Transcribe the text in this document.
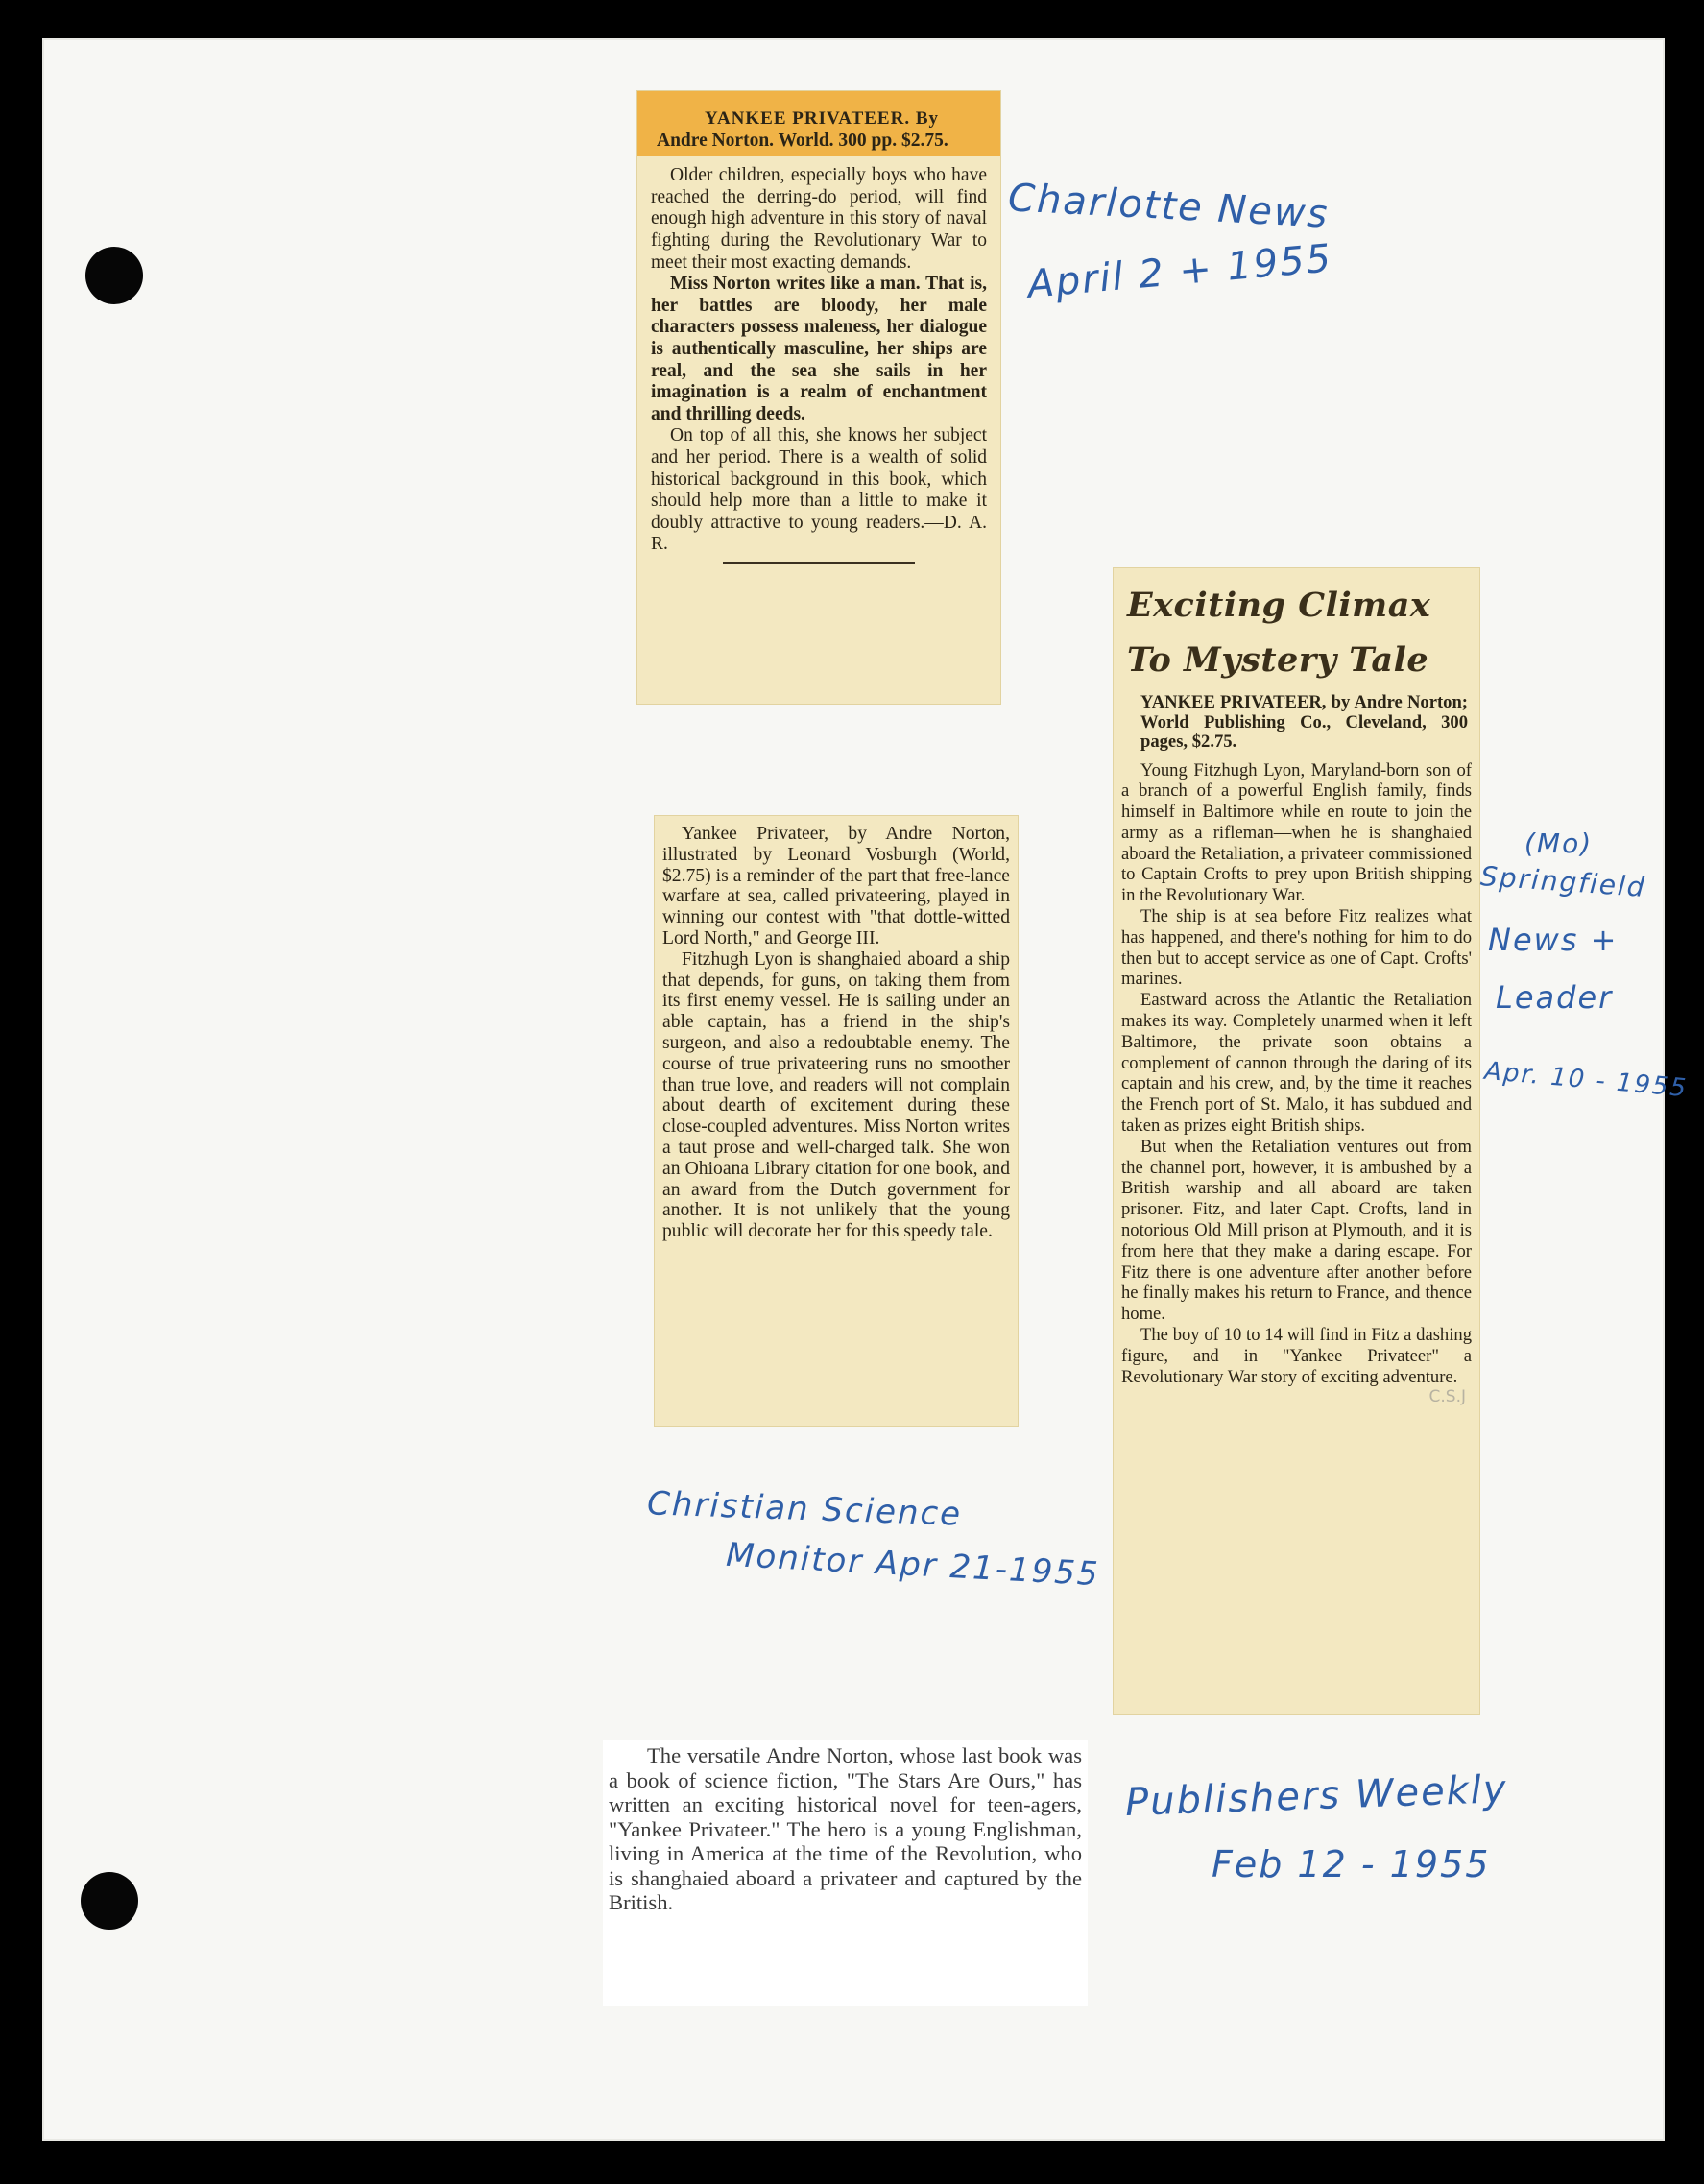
YANKEE PRIVATEER. By
Andre Norton. World. 300 pp. $2.75.

Older children, especially boys who have reached the derring-do period, will find enough high adventure in this story of naval fighting during the Revolutionary War to meet their most exacting demands.

Miss Norton writes like a man. That is, her battles are bloody, her male characters possess maleness, her dialogue is authentically masculine, her ships are real, and the sea she sails in her imagination is a realm of enchantment and thrilling deeds.

On top of all this, she knows her subject and her period. There is a wealth of solid historical background in this book, which should help more than a little to make it doubly attractive to young readers.—D. A. R.

Yankee Privateer, by Andre Norton, illustrated by Leonard Vosburgh (World, $2.75) is a reminder of the part that free-lance warfare at sea, called privateering, played in winning our contest with "that dottle-witted Lord North," and George III.

Fitzhugh Lyon is shanghaied aboard a ship that depends, for guns, on taking them from its first enemy vessel. He is sailing under an able captain, has a friend in the ship's surgeon, and also a redoubtable enemy. The course of true privateering runs no smoother than true love, and readers will not complain about dearth of excitement during these close-coupled adventures. Miss Norton writes a taut prose and well-charged talk. She won an Ohioana Library citation for one book, and an award from the Dutch government for another. It is not unlikely that the young public will decorate her for this speedy tale.

Exciting Climax
To Mystery Tale

YANKEE PRIVATEER, by Andre Norton; World Publishing Co., Cleveland, 300 pages, $2.75.

Young Fitzhugh Lyon, Maryland-born son of a branch of a powerful English family, finds himself in Baltimore while en route to join the army as a rifleman—when he is shanghaied aboard the Retaliation, a privateer commissioned to Captain Crofts to prey upon British shipping in the Revolutionary War.

The ship is at sea before Fitz realizes what has happened, and there's nothing for him to do then but to accept service as one of Capt. Crofts' marines.

Eastward across the Atlantic the Retaliation makes its way. Completely unarmed when it left Baltimore, the private soon obtains a complement of cannon through the daring of its captain and his crew, and, by the time it reaches the French port of St. Malo, it has subdued and taken as prizes eight British ships.

But when the Retaliation ventures out from the channel port, however, it is ambushed by a British warship and all aboard are taken prisoner. Fitz, and later Capt. Crofts, land in notorious Old Mill prison at Plymouth, and it is from here that they make a daring escape. For Fitz there is one adventure after another before he finally makes his return to France, and thence home.

The boy of 10 to 14 will find in Fitz a dashing figure, and in "Yankee Privateer" a Revolutionary War story of exciting adventure.

C.S.J

The versatile Andre Norton, whose last book was a book of science fiction, "The Stars Are Ours," has written an exciting historical novel for teen-agers, "Yankee Privateer." The hero is a young Englishman, living in America at the time of the Revolution, who is shanghaied aboard a privateer and captured by the British.

Charlotte News
April 2 + 1955
(Mo)
Springfield
News +
Leader
Apr. 10 - 1955
Christian Science
Monitor Apr 21-1955
Publishers Weekly
Feb 12 - 1955
